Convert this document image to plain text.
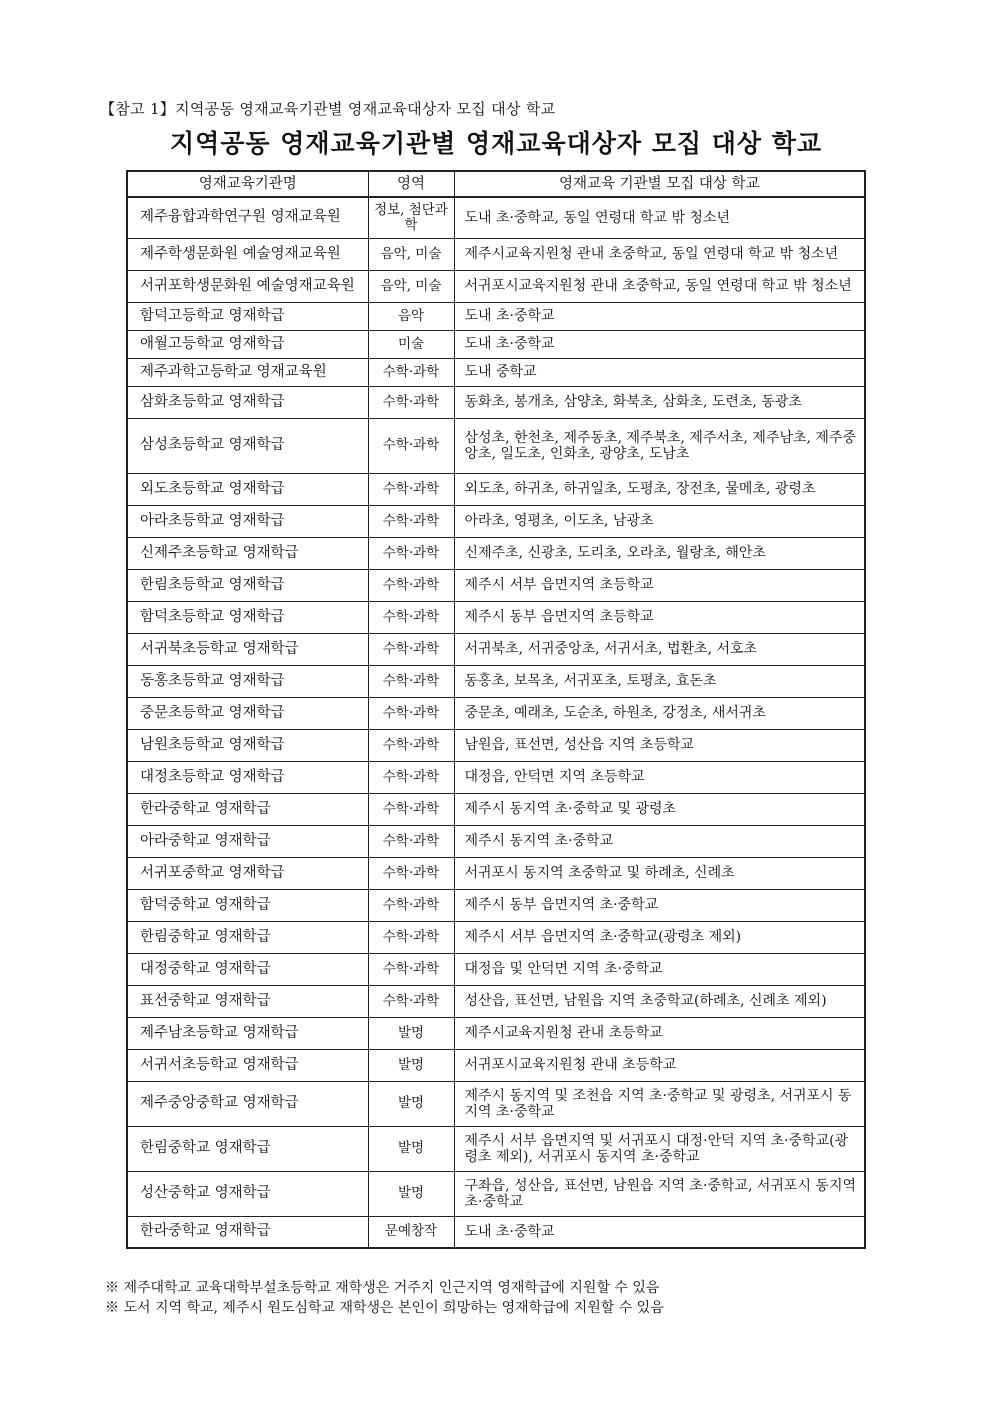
【참고 1】지역공동 영재교육기관별 영재교육대상자 모집 대상 학교
지역공동 영재교육기관별 영재교육대상자 모집 대상 학교
영재교육기관명	영역	영재교육 기관별 모집 대상 학교
제주융합과학연구원 영재교육원	정보, 첨단과학	도내 초·중학교, 동일 연령대 학교 밖 청소년
제주학생문화원 예술영재교육원	음악, 미술	제주시교육지원청 관내 초중학교, 동일 연령대 학교 밖 청소년
서귀포학생문화원 예술영재교육원	음악, 미술	서귀포시교육지원청 관내 초중학교, 동일 연령대 학교 밖 청소년
함덕고등학교 영재학급	음악	도내 초·중학교
애월고등학교 영재학급	미술	도내 초·중학교
제주과학고등학교 영재교육원	수학·과학	도내 중학교
삼화초등학교 영재학급	수학·과학	동화초, 봉개초, 삼양초, 화북초, 삼화초, 도련초, 동광초
삼성초등학교 영재학급	수학·과학	삼성초, 한천초, 제주동초, 제주북초, 제주서초, 제주남초, 제주중앙초, 일도초, 인화초, 광양초, 도남초
외도초등학교 영재학급	수학·과학	외도초, 하귀초, 하귀일초, 도평초, 장전초, 물메초, 광령초
아라초등학교 영재학급	수학·과학	아라초, 영평초, 이도초, 남광초
신제주초등학교 영재학급	수학·과학	신제주초, 신광초, 도리초, 오라초, 월랑초, 해안초
한림초등학교 영재학급	수학·과학	제주시 서부 읍면지역 초등학교
함덕초등학교 영재학급	수학·과학	제주시 동부 읍면지역 초등학교
서귀북초등학교 영재학급	수학·과학	서귀북초, 서귀중앙초, 서귀서초, 법환초, 서호초
동홍초등학교 영재학급	수학·과학	동홍초, 보목초, 서귀포초, 토평초, 효돈초
중문초등학교 영재학급	수학·과학	중문초, 예래초, 도순초, 하원초, 강정초, 새서귀초
남원초등학교 영재학급	수학·과학	남원읍, 표선면, 성산읍 지역 초등학교
대정초등학교 영재학급	수학·과학	대정읍, 안덕면 지역 초등학교
한라중학교 영재학급	수학·과학	제주시 동지역 초·중학교 및 광령초
아라중학교 영재학급	수학·과학	제주시 동지역 초·중학교
서귀포중학교 영재학급	수학·과학	서귀포시 동지역 초중학교 및 하례초, 신례초
함덕중학교 영재학급	수학·과학	제주시 동부 읍면지역 초·중학교
한림중학교 영재학급	수학·과학	제주시 서부 읍면지역 초·중학교(광령초 제외)
대정중학교 영재학급	수학·과학	대정읍 및 안덕면 지역 초·중학교
표선중학교 영재학급	수학·과학	성산읍, 표선면, 남원읍 지역 초중학교(하례초, 신례초 제외)
제주남초등학교 영재학급	발명	제주시교육지원청 관내 초등학교
서귀서초등학교 영재학급	발명	서귀포시교육지원청 관내 초등학교
제주중앙중학교 영재학급	발명	제주시 동지역 및 조천읍 지역 초·중학교 및 광령초, 서귀포시 동지역 초·중학교
한림중학교 영재학급	발명	제주시 서부 읍면지역 및 서귀포시 대정·안덕 지역 초·중학교(광령초 제외), 서귀포시 동지역 초·중학교
성산중학교 영재학급	발명	구좌읍, 성산읍, 표선면, 남원읍 지역 초·중학교, 서귀포시 동지역 초·중학교
한라중학교 영재학급	문예창작	도내 초·중학교
※ 제주대학교 교육대학부설초등학교 재학생은 거주지 인근지역 영재학급에 지원할 수 있음
※ 도서 지역 학교, 제주시 원도심학교 재학생은 본인이 희망하는 영재학급에 지원할 수 있음
